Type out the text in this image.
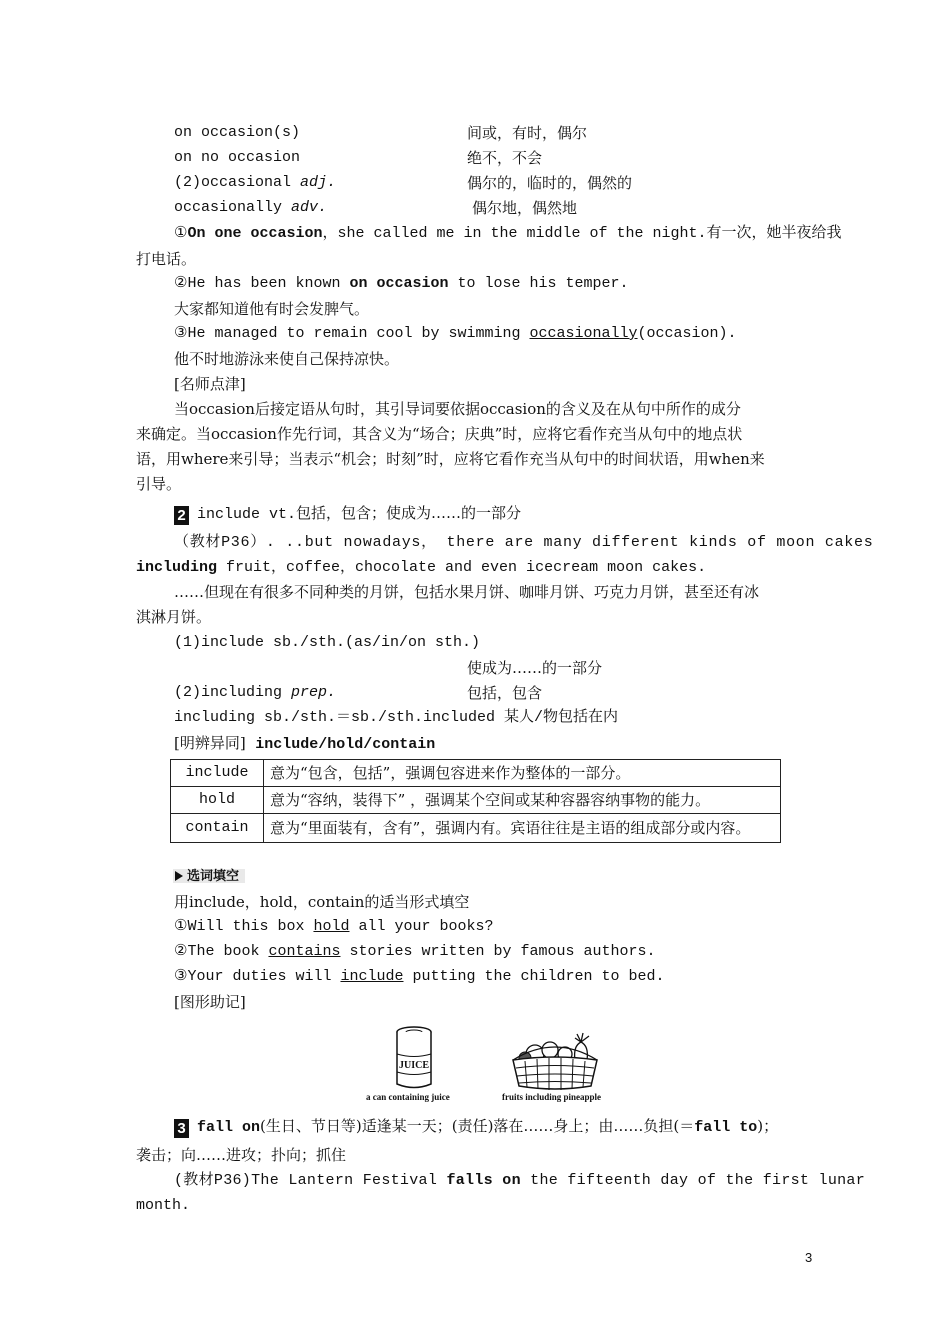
on occasion(s)	间或，有时，偶尔
on no occasion	绝不，不会
(2)occasional adj.	偶尔的，临时的，偶然的
occasionally adv.	偶尔地，偶然地
①On one occasion，she called me in the middle of the night.有一次，她半夜给我
打电话。
②He has been known on occasion to lose his temper.
大家都知道他有时会发脾气。
③He managed to remain cool by swimming occasionally(occasion).
他不时地游泳来使自己保持凉快。
[名师点津]
当occasion后接定语从句时，其引导词要依据occasion的含义及在从句中所作的成分
来确定。当occasion作先行词，其含义为“场合；庆典”时，应将它看作充当从句中的地点状
语，用where来引导；当表示“机会；时刻”时，应将它看作充当从句中的时间状语，用when来
引导。
2 include vt.包括，包含；使成为……的一部分
（教材P36）. ..but nowadays， there are many different kinds of moon cakes
including fruit，coffee，chocolate and even icecream moon cakes.
……但现在有很多不同种类的月饼，包括水果月饼、咖啡月饼、巧克力月饼，甚至还有冰
淇淋月饼。
(1)include sb./sth.(as/in/on sth.)
使成为……的一部分
(2)including prep.	包括，包含
including sb./sth.＝sb./sth.included 某人/物包括在内
[明辨异同] include/hold/contain
include	意为“包含，包括”，强调包容进来作为整体的一部分。
hold	意为“容纳，装得下” ，强调某个空间或某种容器容纳事物的能力。
contain	意为“里面装有，含有”，强调内有。宾语往往是主语的组成部分或内容。
选词填空
用include，hold，contain的适当形式填空
①Will this box hold all your books?
②The book contains stories written by famous authors.
③Your duties will include putting the children to bed.
[图形助记]
JUICE
a can containing juice	fruits including pineapple
3 fall on(生日、节日等)适逢某一天；(责任)落在……身上；由……负担(＝fall to)；
袭击；向……进攻；扑向；抓住
(教材P36)The Lantern Festival falls on the fifteenth day of the first lunar
month.
3
